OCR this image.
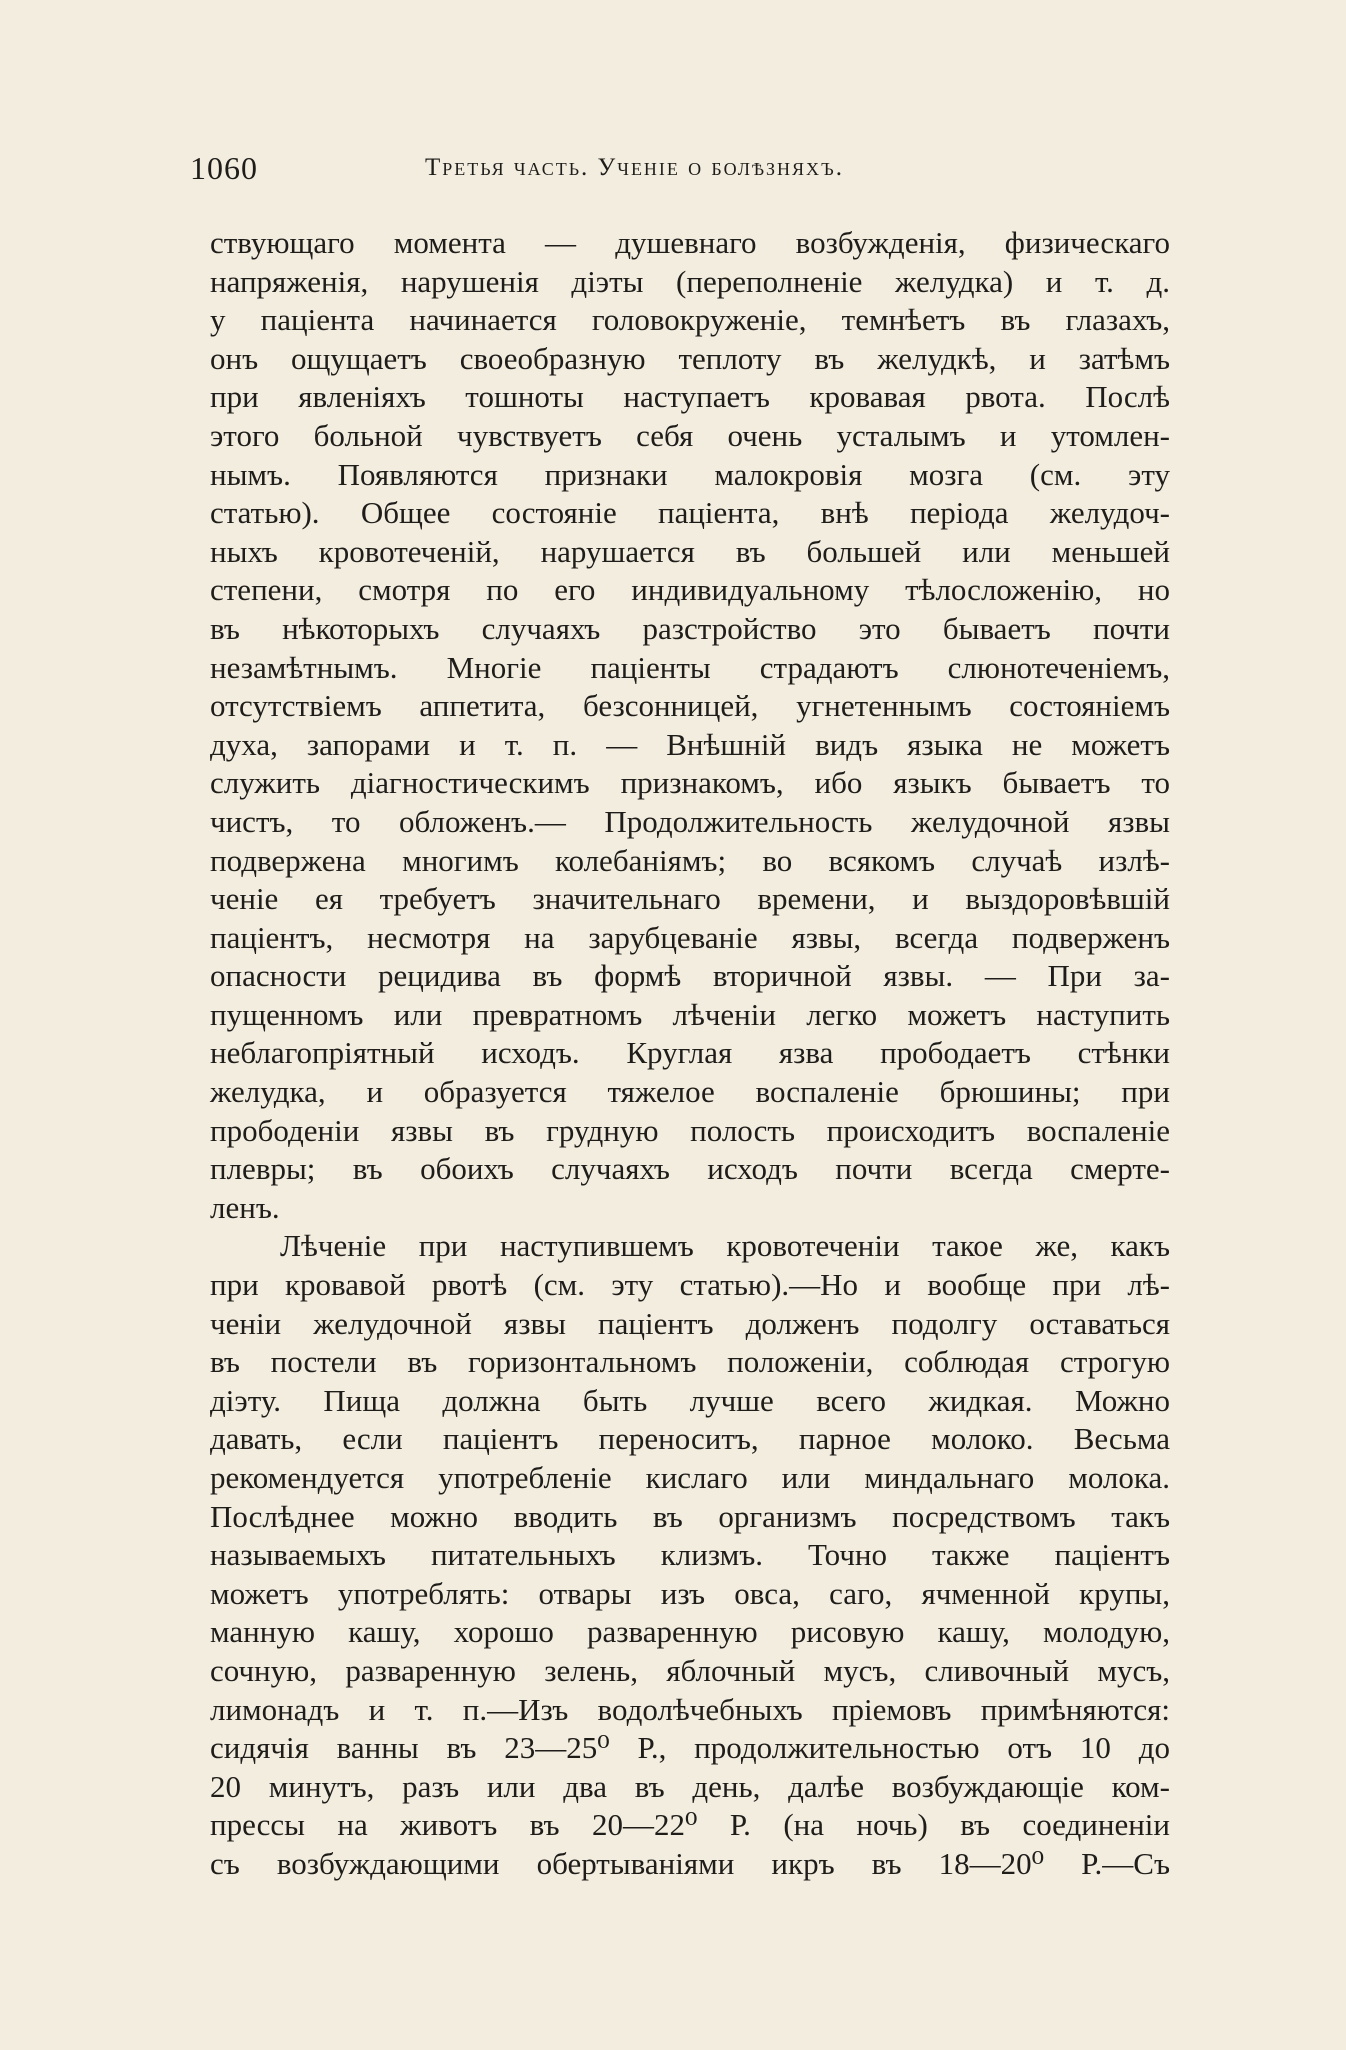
1060	Третья часть. Ученіе о болѣзняхъ.
ствующаго момента — душевнаго возбужденія, физическаго
напряженія, нарушенія діэты (переполненіе желудка) и т. д.
у паціента начинается головокруженіе, темнѣетъ въ глазахъ,
онъ ощущаетъ своеобразную теплоту въ желудкѣ, и затѣмъ
при явленіяхъ тошноты наступаетъ кровавая рвота. Послѣ
этого больной чувствуетъ себя очень усталымъ и утомлен-
нымъ. Появляются признаки малокровія мозга (см. эту
статью). Общее состояніе паціента, внѣ періода желудоч-
ныхъ кровотеченій, нарушается въ большей или меньшей
степени, смотря по его индивидуальному тѣлосложенію, но
въ нѣкоторыхъ случаяхъ разстройство это бываетъ почти
незамѣтнымъ. Многіе паціенты страдаютъ слюнотеченіемъ,
отсутствіемъ аппетита, безсонницей, угнетеннымъ состояніемъ
духа, запорами и т. п. — Внѣшній видъ языка не можетъ
служить діагностическимъ признакомъ, ибо языкъ бываетъ то
чистъ, то обложенъ.— Продолжительность желудочной язвы
подвержена многимъ колебаніямъ; во всякомъ случаѣ излѣ-
ченіе ея требуетъ значительнаго времени, и выздоровѣвшій
паціентъ, несмотря на зарубцеваніе язвы, всегда подверженъ
опасности рецидива въ формѣ вторичной язвы. — При за-
пущенномъ или превратномъ лѣченіи легко можетъ наступить
неблагопріятный исходъ. Круглая язва прободаетъ стѣнки
желудка, и образуется тяжелое воспаленіе брюшины; при
прободеніи язвы въ грудную полость происходитъ воспаленіе
плевры; въ обоихъ случаяхъ исходъ почти всегда смерте-
ленъ.
Лѣченіе при наступившемъ кровотеченіи такое же, какъ
при кровавой рвотѣ (см. эту статью).—Но и вообще при лѣ-
ченіи желудочной язвы паціентъ долженъ подолгу оставаться
въ постели въ горизонтальномъ положеніи, соблюдая строгую
діэту. Пища должна быть лучше всего жидкая. Можно
давать, если паціентъ переноситъ, парное молоко. Весьма
рекомендуется употребленіе кислаго или миндальнаго молока.
Послѣднее можно вводить въ организмъ посредствомъ такъ
называемыхъ питательныхъ клизмъ. Точно также паціентъ
можетъ употреблять: отвары изъ овса, саго, ячменной крупы,
манную кашу, хорошо разваренную рисовую кашу, молодую,
сочную, разваренную зелень, яблочный мусъ, сливочный мусъ,
лимонадъ и т. п.—Изъ водолѣчебныхъ пріемовъ примѣняются:
сидячія ванны въ 23—25⁰ Р., продолжительностью отъ 10 до
20 минутъ, разъ или два въ день, далѣе возбуждающіе ком-
прессы на животъ въ 20—22⁰ Р. (на ночь) въ соединеніи
съ возбуждающими обертываніями икръ въ 18—20⁰ Р.—Съ
